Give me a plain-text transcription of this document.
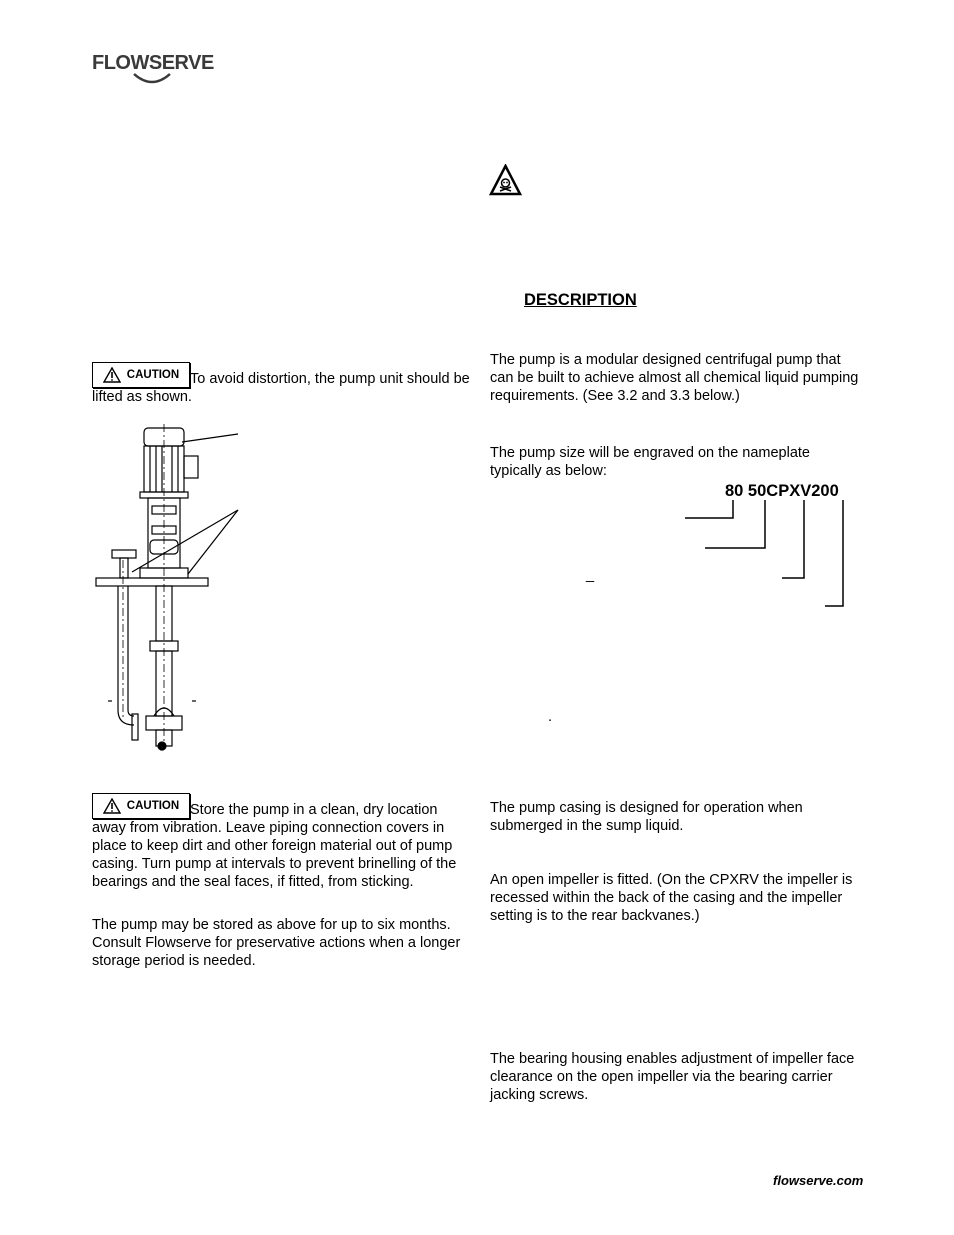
FLOWSERVE
DESCRIPTION
CAUTION To avoid distortion, the pump unit should be lifted as shown.
The pump is a modular designed centrifugal pump that can be built to achieve almost all chemical liquid pumping requirements. (See 3.2 and 3.3 below.)
The pump size will be engraved on the nameplate typically as below:
80 50CPXV200
_
.
CAUTION Store the pump in a clean, dry location away from vibration. Leave piping connection covers in place to keep dirt and other foreign material out of pump casing. Turn pump at intervals to prevent brinelling of the bearings and the seal faces, if fitted, from sticking.
The pump may be stored as above for up to six months. Consult Flowserve for preservative actions when a longer storage period is needed.
The pump casing is designed for operation when submerged in the sump liquid.
An open impeller is fitted. (On the CPXRV the impeller is recessed within the back of the casing and the impeller setting is to the rear backvanes.)
The bearing housing enables adjustment of impeller face clearance on the open impeller via the bearing carrier jacking screws.
flowserve.com
